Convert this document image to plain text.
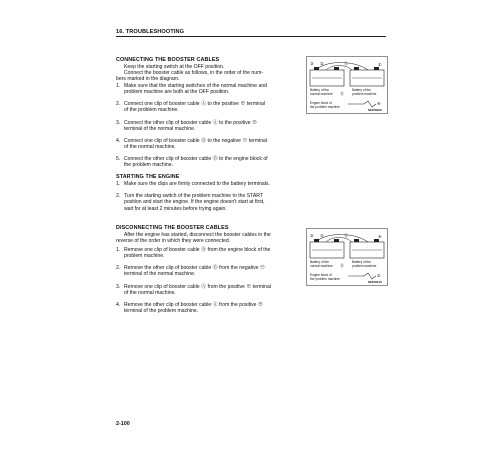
16. TROUBLESHOOTING
CONNECTING THE BOOSTER CABLES
Keep the starting switch at the OFF position.
Connect the booster cable as follows, in the order of the num-
bers marked in the diagram.
1. Make sure that the starting switches of the normal machine and
problem machine are both at the OFF position.
2. Connect one clip of booster cable Ⓐ to the positive ⊕ terminal
of the problem machine.
3. Connect the other clip of booster cable Ⓐ to the positive ⊕
terminal of the normal machine.
4. Connect one clip of booster cable Ⓑ to the negative ⊖ terminal
of the normal machine.
5. Connect the other clip of booster cable Ⓑ to the engine block of
the problem machine.
STARTING THE ENGINE
1. Make sure the clips are firmly connected to the battery terminals.
2. Turn the starting switch of the problem machine to the START
position and start the engine. If the engine doesn't start at first,
wait for at least 2 minutes before trying again.
DISCONNECTING THE BOOSTER CABLES
After the engine has started, disconnect the booster cables in the
reverse of the order in which they were connected.
1. Remove one clip of booster cable Ⓑ from the engine block of the
problem machine.
2. Remove the other clip of booster cable Ⓑ from the negative ⊖
terminal of the normal machine.
3. Remove one clip of booster cable Ⓐ from the positive ⊕ terminal
of the normal machine.
4. Remove the other clip of booster cable Ⓐ from the positive ⊕
terminal of the problem machine.
③ ②	Ⓐ	①
Battery of the
normal machine Ⓑ
Battery of the
problem machine
④
Engine block of
the problem machine
6E258300
② ③	Ⓐ	④
Battery of the
normal machine Ⓑ
Battery of the
problem machine
①
Engine block of
the problem machine
6E258410
2-100
